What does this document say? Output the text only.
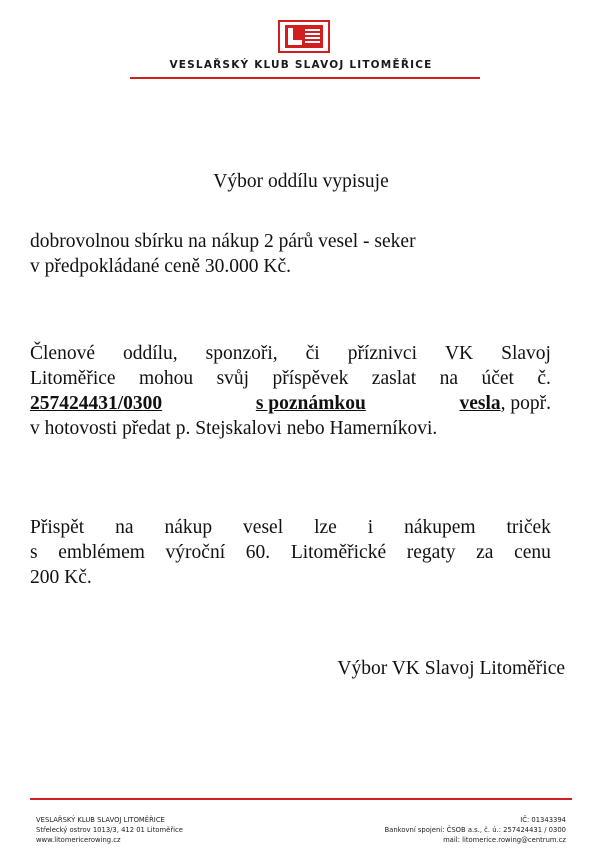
VESLAŘSKÝ KLUB SLAVOJ LITOMĚŘICE
Výbor oddílu vypisuje
dobrovolnou sbírku na nákup 2 párů vesel - seker
v předpokládané ceně 30.000 Kč.
Členové oddílu, sponzoři, či příznivci VK Slavoj
Litoměřice mohou svůj příspěvek zaslat na účet č.
257424431/0300	s poznámkou	vesla, popř.
v hotovosti předat p. Stejskalovi nebo Hamerníkovi.
Přispět na nákup vesel lze i nákupem triček
s emblémem výroční 60. Litoměřické regaty za cenu
200 Kč.
Výbor VK Slavoj Litoměřice
VESLAŘSKÝ KLUB SLAVOJ LITOMĚŘICE
Střelecký ostrov 1013/3, 412 01 Litoměřice
www.litomericerowing.cz
IČ: 01343394
Bankovní spojení: ČSOB a.s., č. ú.: 257424431 / 0300
mail: litomerice.rowing@centrum.cz
